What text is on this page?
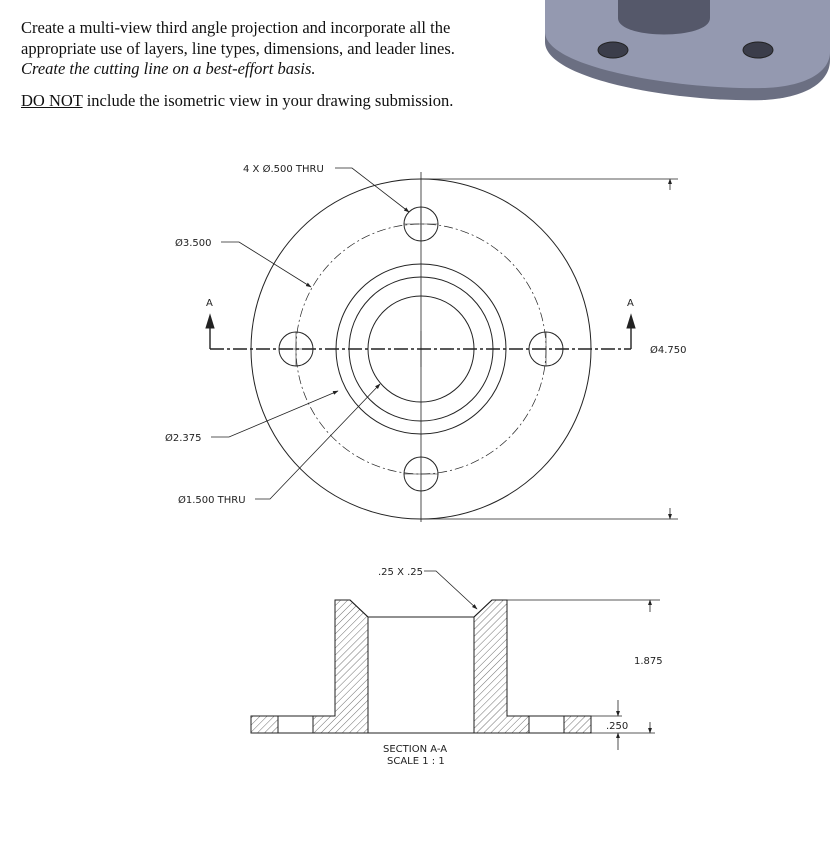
Create a multi-view third angle projection and incorporate all the
appropriate use of layers, line types, dimensions, and leader lines.
Create the cutting line on a best-effort basis.

DO NOT include the isometric view in your drawing submission.

4 X Ø.500 THRU
Ø3.500
Ø2.375
Ø1.500 THRU
Ø4.750
A	A
.25 X .25
1.875
.250
SECTION A-A
SCALE 1 : 1
